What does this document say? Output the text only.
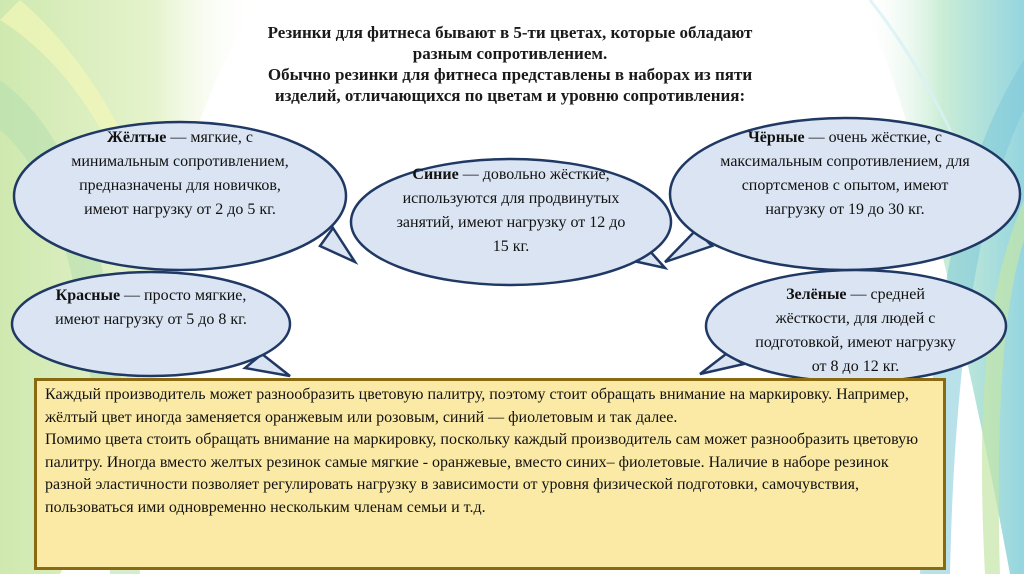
Резинки для фитнеса бывают в 5-ти цветах, которые обладают

разным сопротивлением.

Обычно резинки для фитнеса представлены в наборах из пяти

изделий, отличающихся по цветам и уровню сопротивления:

Жёлтые — мягкие, с минимальным сопротивлением, предназначены для новичков, имеют нагрузку от 2 до 5 кг.
Синие — довольно жёсткие, используются для продвинутых занятий, имеют нагрузку от 12 до 15 кг.
Чёрные — очень жёсткие, с максимальным сопротивлением, для спортсменов с опытом, имеют нагрузку от 19 до 30 кг.
Красные — просто мягкие, имеют нагрузку от 5 до 8 кг.
Зелёные — средней жёсткости, для людей с подготовкой, имеют нагрузку от 8 до 12 кг.

Каждый производитель может разнообразить цветовую палитру, поэтому стоит обращать внимание на маркировку. Например, жёлтый цвет иногда заменяется оранжевым или розовым, синий — фиолетовым и так далее.

Помимо цвета стоить обращать внимание на маркировку, поскольку каждый производитель сам может разнообразить цветовую палитру. Иногда вместо желтых резинок самые мягкие - оранжевые, вместо синих– фиолетовые. Наличие в наборе резинок разной эластичности позволяет регулировать нагрузку в зависимости от уровня физической подготовки, самочувствия, пользоваться ими одновременно нескольким членам семьи и т.д.
